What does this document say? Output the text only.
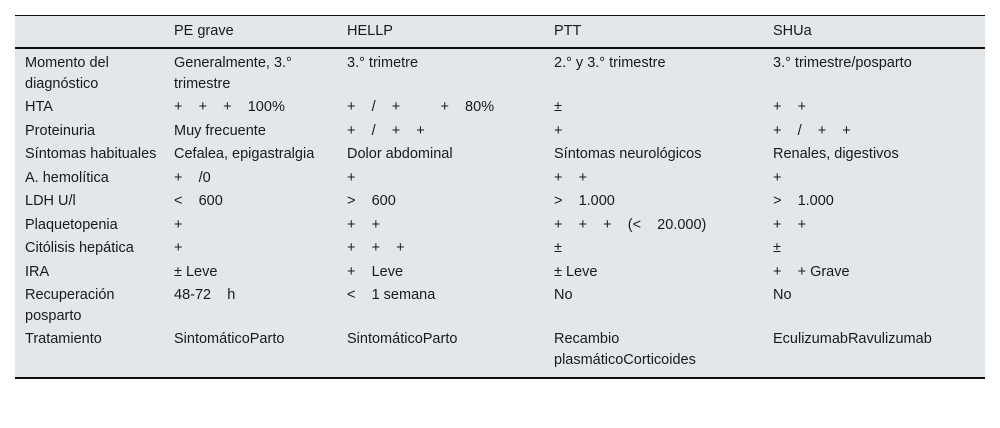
	PE grave	HELLP	PTT	SHUa
Momento del diagnóstico	Generalmente, 3.° trimestre	3.° trimetre	2.° y 3.° trimestre	3.° trimestre/posparto
HTA	+    +    +    100%	+    /    +          +    80%	±	+    +
Proteinuria	Muy frecuente	+    /    +    +	+	+    /    +    +
Síntomas habituales	Cefalea, epigastralgia	Dolor abdominal	Síntomas neurológicos	Renales, digestivos
A. hemolítica	+    /0	+	+    +	+
LDH U/l	<    600	>    600	>    1.000	>    1.000
Plaquetopenia	+	+    +	+    +    +    (<    20.000)	+    +
Citólisis hepática	+	+    +    +	±	±
IRA	± Leve	+    Leve	± Leve	+    + Grave
Recuperación posparto	48-72    h	<    1 semana	No	No
Tratamiento	SintomáticoParto	SintomáticoParto	Recambio plasmáticoCorticoides	EculizumabRavulizumab
